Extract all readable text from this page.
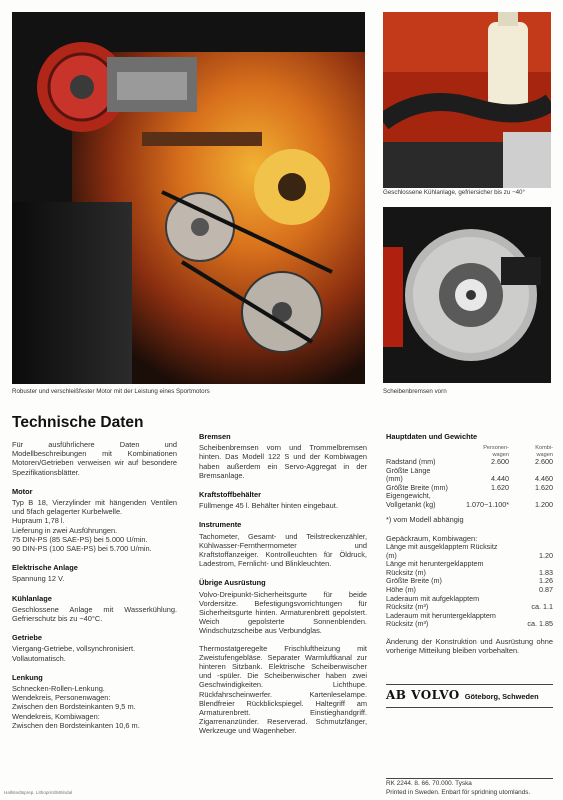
Robuster und verschleißfester Motor mit der Leistung eines Sportmotors
Geschlossene Kühlanlage, gefriersicher bis zu −40°
Scheibenbremsen vorn
Technische Daten

Für ausführlichere Daten und Modellbeschreibungen mit Kombinationen Motoren/Getrieben verweisen wir auf besondere Spezifikationsblätter.

Motor

Typ B 18, Vierzylinder mit hängenden Ventilen und 5fach gelagerter Kurbelwelle.

Hupraum 1,78 l.

Lieferung in zwei Ausführungen.

75 DIN-PS (85 SAE-PS) bei 5.000 U/min.

90 DIN-PS (100 SAE-PS) bei 5.700 U/min.

Elektrische Anlage

Spannung 12 V.

Kühlanlage

Geschlossene Anlage mit Wasserkühlung. Gefrierschutz bis zu −40°C.

Getriebe

Viergang-Getriebe, vollsynchronisiert.

Vollautomatisch.

Lenkung

Schnecken-Rollen-Lenkung.

Wendekreis, Personenwagen:

Zwischen den Bordsteinkanten 9,5 m.

Wendekreis, Kombiwagen:

Zwischen den Bordsteinkanten 10,6 m.

Bremsen

Scheibenbremsen vorn und Trommelbremsen hinten. Das Modell 122 S und der Kombiwagen haben außerdem ein Servo-Aggregat in der Bremsanlage.

Kraftstoffbehälter

Füllmenge 45 l. Behälter hinten eingebaut.

Instrumente

Tachometer, Gesamt- und Teilstreckenzähler, Kühlwasser-Fernthermometer und Kraftstoffanzeiger. Kontrolleuchten für Öldruck, Ladestrom, Fernlicht- und Blinkleuchten.

Übrige Ausrüstung

Volvo-Dreipunkt-Sicherheitsgurte für beide Vordersitze. Befestigungsvorrichtungen für Sicherheitsgurte hinten. Armaturenbrett gepolstert. Weich gepolsterte Sonnenblenden. Windschutzscheibe aus Verbundglas.

Thermostatgeregelte Frischluftheizung mit Zweistufengebläse. Separater Warmluftkanal zur hinteren Sitzbank. Elektrische Scheibenwischer und -spüler. Die Scheibenwischer haben zwei Geschwindigkeiten. Lichthupe. Rückfahrscheinwerfer. Kartenleselampe. Blendfreier Rückblickspiegel. Haltegriff am Armaturenbrett. Einstieghandgriff. Zigarrenanzünder. Reserverad. Schmutzfänger, Werkzeuge und Wagenheber.

Hauptdaten und Gewichte

	Personen-
wagen	Kombi-
wagen
Radstand (mm)	2.600	2.600
Größte Länge (mm)	4.440	4.460
Größte Breite (mm)	1.620	1.620
Eigengewicht,		
Vollgetankt (kg)	1.070−1.100*	1.200

*) vom Modell abhängig

Gepäckraum, Kombiwagen:

Länge mit ausgeklapptem Rücksitz (m)	1.20
Länge mit heruntergeklapptem	
Rücksitz (m)	1.83
Größte Breite (m)	1.26
Höhe (m)	0.87
Laderaum mit aufgeklapptem	
Rücksitz (m³)	ca. 1.1
Laderaum mit heruntergeklapptem	
Rücksitz (m³)	ca. 1.85

Änderung der Konstruktion und Ausrüstung ohne vorherige Mitteilung bleiben vorbehalten.

AB VOLVO Göteborg, Schweden
RK 2244. 8. 66. 70.000. Tyska
Printed in Sweden. Enbart för spridning utomlands.
Hallstedtsprep. Lithoprint/Mölndal
